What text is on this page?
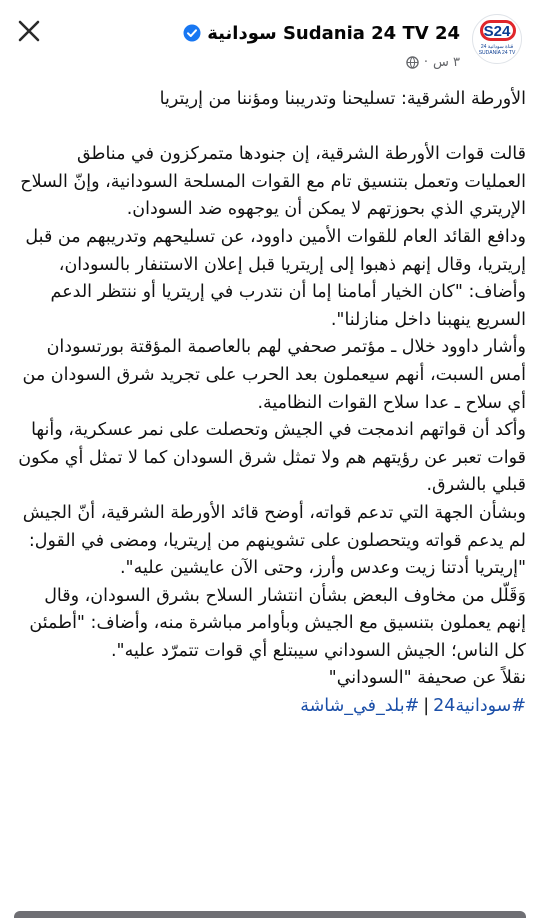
S24
24 قناة سودانية
SUDANIA 24 TV
Sudania 24 TV 24 سودانية
٣ س
·

الأورطة الشرقية: تسليحنا وتدريبنا ومؤننا من إريتريا

قالت قوات الأورطة الشرقية، إن جنودها متمركزون في مناطق العمليات وتعمل بتنسيق تام مع القوات المسلحة السودانية، وإنّ السلاح الإريتري الذي بحوزتهم لا يمكن أن يوجهوه ضد السودان.

ودافع القائد العام للقوات الأمين داوود، عن تسليحهم وتدريبهم من قبل إريتريا، وقال إنهم ذهبوا إلى إريتريا قبل إعلان الاستنفار بالسودان، وأضاف: "كان الخيار أمامنا إما أن نتدرب في إريتريا أو ننتظر الدعم السريع ينهبنا داخل منازلنا".

وأشار داوود خلال ـ مؤتمر صحفي لهم بالعاصمة المؤقتة بورتسودان أمس السبت، أنهم سيعملون بعد الحرب على تجريد شرق السودان من أي سلاح ـ عدا سلاح القوات النظامية.

وأكد أن قواتهم اندمجت في الجيش وتحصلت على نمر عسكرية، وأنها قوات تعبر عن رؤيتهم هم ولا تمثل شرق السودان كما لا تمثل أي مكون قبلي بالشرق.

وبشأن الجهة التي تدعم قواته، أوضح قائد الأورطة الشرقية، أنّ الجيش لم يدعم قواته ويتحصلون على تشوينهم من إريتريا، ومضى في القول: "إريتريا أدتنا زيت وعدس وأرز، وحتى الآن عايشين عليه".

وَقَلّل من مخاوف البعض بشأن انتشار السلاح بشرق السودان، وقال إنهم يعملون بتنسيق مع الجيش وبأوامر مباشرة منه، وأضاف: "أطمئن كل الناس؛ الجيش السوداني سيبتلع أي قوات تتمرّد عليه".

نقلاً عن صحيفة "السوداني"

#سودانية24|#بلد_في_شاشة
